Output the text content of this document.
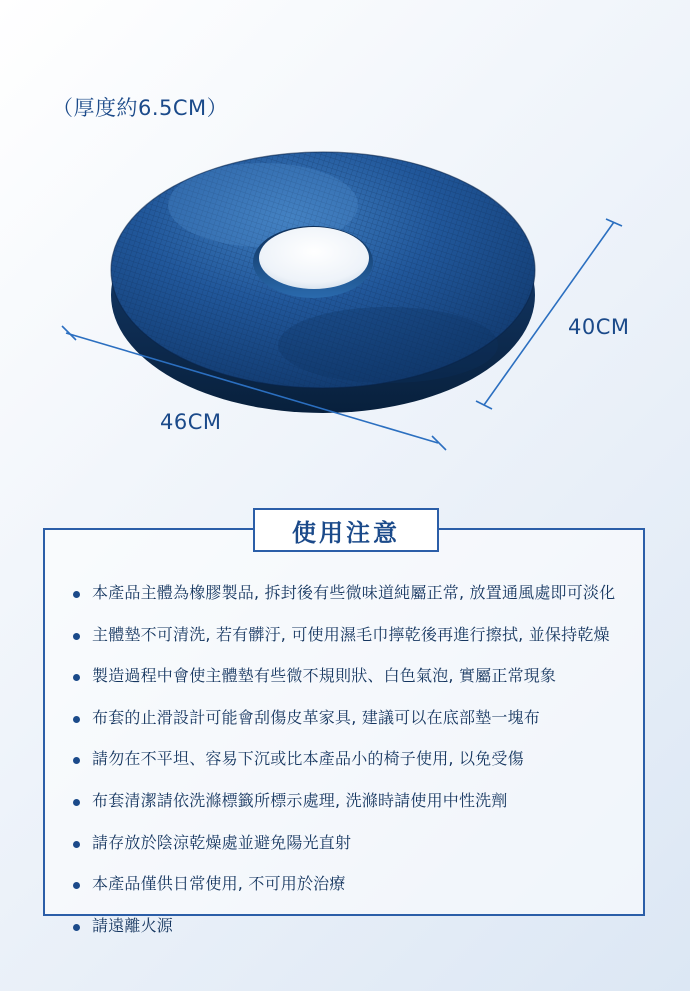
（厚度約6.5CM）
46CM
40CM
使用注意
本產品主體為橡膠製品, 拆封後有些微味道純屬正常, 放置通風處即可淡化
主體墊不可清洗, 若有髒汙, 可使用濕毛巾擰乾後再進行擦拭, 並保持乾燥
製造過程中會使主體墊有些微不規則狀、白色氣泡, 實屬正常現象
布套的止滑設計可能會刮傷皮革家具, 建議可以在底部墊一塊布
請勿在不平坦、容易下沉或比本產品小的椅子使用, 以免受傷
布套清潔請依洗滌標籤所標示處理, 洗滌時請使用中性洗劑
請存放於陰涼乾燥處並避免陽光直射
本產品僅供日常使用, 不可用於治療
請遠離火源
